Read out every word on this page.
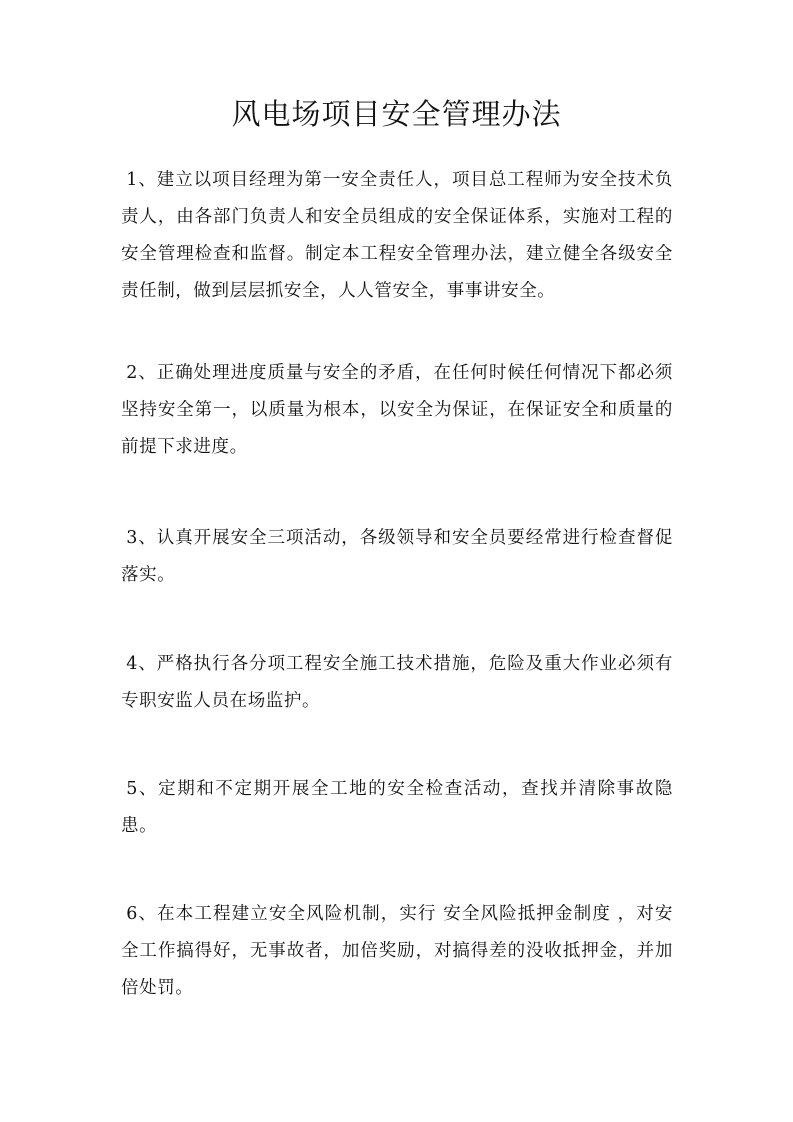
风电场项目安全管理办法

1、建立以项目经理为第一安全责任人，项目总工程师为安全技术负责人，由各部门负责人和安全员组成的安全保证体系，实施对工程的安全管理检查和监督。制定本工程安全管理办法，建立健全各级安全责任制，做到层层抓安全，人人管安全，事事讲安全。

2、正确处理进度质量与安全的矛盾，在任何时候任何情况下都必须坚持安全第一，以质量为根本，以安全为保证，在保证安全和质量的前提下求进度。

3、认真开展安全三项活动，各级领导和安全员要经常进行检查督促落实。

4、严格执行各分项工程安全施工技术措施，危险及重大作业必须有专职安监人员在场监护。

5、定期和不定期开展全工地的安全检查活动，查找并清除事故隐患。

6、在本工程建立安全风险机制，实行 安全风险抵押金制度 ，对安全工作搞得好，无事故者，加倍奖励，对搞得差的没收抵押金，并加倍处罚。
